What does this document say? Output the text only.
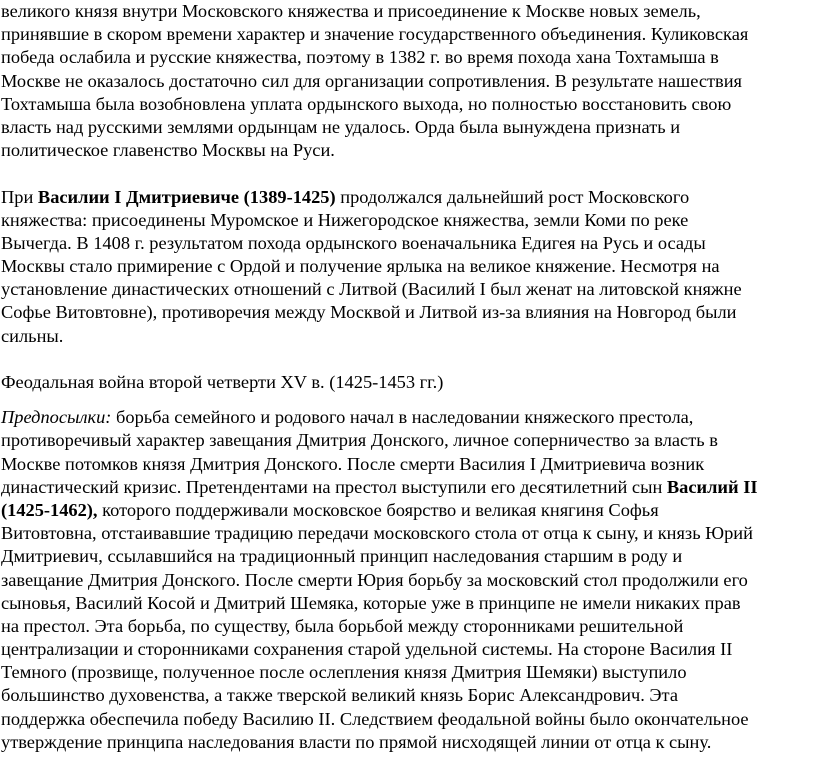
великого князя внутри Московского княжества и присоединение к Москве новых земель,
принявшие в скором времени характер и значение государственного объединения. Куликовская
победа ослабила и русские княжества, поэтому в 1382 г. во время похода хана Тохтамыша в
Москве не оказалось достаточно сил для организации сопротивления. В результате нашествия
Тохтамыша была возобновлена уплата ордынского выхода, но полностью восстановить свою
власть над русскими землями ордынцам не удалось. Орда была вынуждена признать и
политическое главенство Москвы на Руси.
При Василии I Дмитриевиче (1389-1425) продолжался дальнейший рост Московского
княжества: присоединены Муромское и Нижегородское княжества, земли Коми по реке
Вычегда. В 1408 г. результатом похода ордынского военачальника Едигея на Русь и осады
Москвы стало примирение с Ордой и получение ярлыка на великое княжение. Несмотря на
установление династических отношений с Литвой (Василий I был женат на литовской княжне
Софье Витовтовне), противоречия между Москвой и Литвой из-за влияния на Новгород были
сильны.
Феодальная война второй четверти XV в. (1425-1453 гг.)
Предпосылки: борьба семейного и родового начал в наследовании княжеского престола,
противоречивый характер завещания Дмитрия Донского, личное соперничество за власть в
Москве потомков князя Дмитрия Донского. После смерти Василия I Дмитриевича возник
династический кризис. Претендентами на престол выступили его десятилетний сын Василий II
(1425-1462), которого поддерживали московское боярство и великая княгиня Софья
Витовтовна, отстаивавшие традицию передачи московского стола от отца к сыну, и князь Юрий
Дмитриевич, ссылавшийся на традиционный принцип наследования старшим в роду и
завещание Дмитрия Донского. После смерти Юрия борьбу за московский стол продолжили его
сыновья, Василий Косой и Дмитрий Шемяка, которые уже в принципе не имели никаких прав
на престол. Эта борьба, по существу, была борьбой между сторонниками решительной
централизации и сторонниками сохранения старой удельной системы. На стороне Василия II
Темного (прозвище, полученное после ослепления князя Дмитрия Шемяки) выступило
большинство духовенства, а также тверской великий князь Борис Александрович. Эта
поддержка обеспечила победу Василию II. Следствием феодальной войны было окончательное
утверждение принципа наследования власти по прямой нисходящей линии от отца к сыну.
